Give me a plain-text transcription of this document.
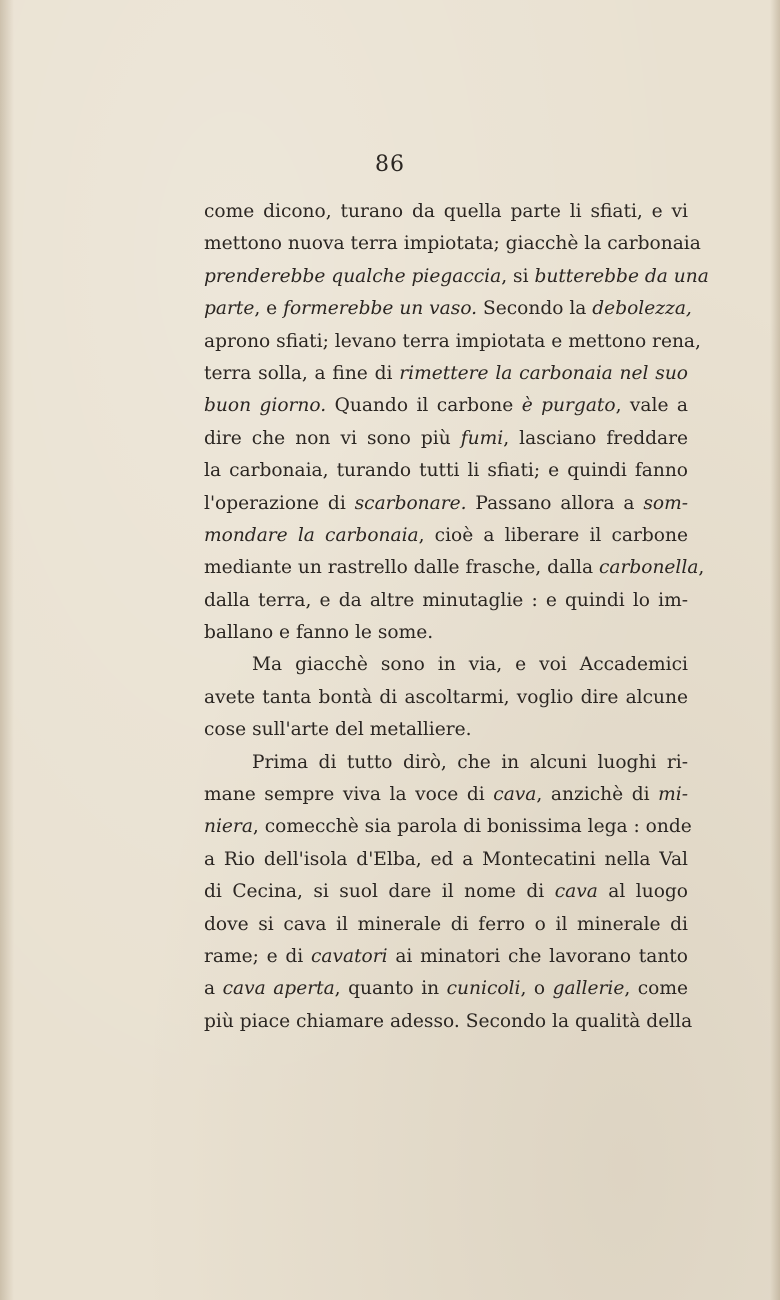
86
come dicono, turano da quella parte li sfiati, e vi
mettono nuova terra impiotata; giacchè la carbonaia
prenderebbe qualche piegaccia, si butterebbe da una
parte, e formerebbe un vaso. Secondo la debolezza,
aprono sfiati; levano terra impiotata e mettono rena,
terra solla, a fine di rimettere la carbonaia nel suo
buon giorno. Quando il carbone è purgato, vale a
dire che non vi sono più fumi, lasciano freddare
la carbonaia, turando tutti li sfiati; e quindi fanno
l'operazione di scarbonare. Passano allora a som-
mondare la carbonaia, cioè a liberare il carbone
mediante un rastrello dalle frasche, dalla carbonella,
dalla terra, e da altre minutaglie : e quindi lo im-
ballano e fanno le some.
Ma giacchè sono in via, e voi Accademici
avete tanta bontà di ascoltarmi, voglio dire alcune
cose sull'arte del metalliere.
Prima di tutto dirò, che in alcuni luoghi ri-
mane sempre viva la voce di cava, anzichè di mi-
niera, comecchè sia parola di bonissima lega : onde
a Rio dell'isola d'Elba, ed a Montecatini nella Val
di Cecina, si suol dare il nome di cava al luogo
dove si cava il minerale di ferro o il minerale di
rame; e di cavatori ai minatori che lavorano tanto
a cava aperta, quanto in cunicoli, o gallerie, come
più piace chiamare adesso. Secondo la qualità della
